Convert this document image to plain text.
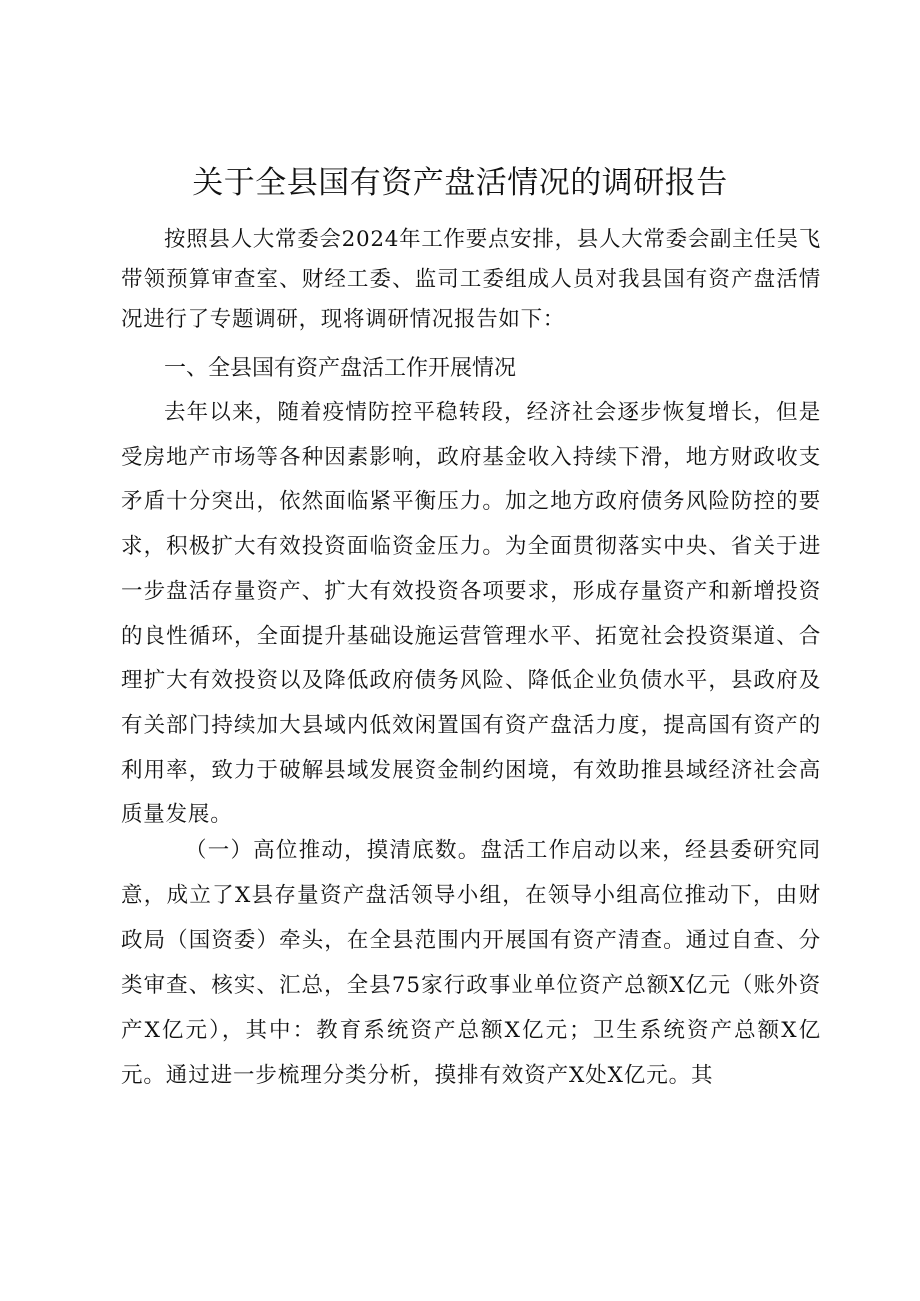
关于全县国有资产盘活情况的调研报告

按照县人大常委会2024年工作要点安排，县人大常委会副主任吴飞带领预算审查室、财经工委、监司工委组成人员对我县国有资产盘活情况进行了专题调研，现将调研情况报告如下：

一、全县国有资产盘活工作开展情况

去年以来，随着疫情防控平稳转段，经济社会逐步恢复增长，但是受房地产市场等各种因素影响，政府基金收入持续下滑，地方财政收支矛盾十分突出，依然面临紧平衡压力。加之地方政府债务风险防控的要求，积极扩大有效投资面临资金压力。为全面贯彻落实中央、省关于进一步盘活存量资产、扩大有效投资各项要求，形成存量资产和新增投资的良性循环，全面提升基础设施运营管理水平、拓宽社会投资渠道、合理扩大有效投资以及降低政府债务风险、降低企业负债水平，县政府及有关部门持续加大县域内低效闲置国有资产盘活力度，提高国有资产的利用率，致力于破解县域发展资金制约困境，有效助推县域经济社会高质量发展。

（一）高位推动，摸清底数。盘活工作启动以来，经县委研究同意，成立了X县存量资产盘活领导小组，在领导小组高位推动下，由财政局（国资委）牵头，在全县范围内开展国有资产清查。通过自查、分类审查、核实、汇总，全县75家行政事业单位资产总额X亿元（账外资产X亿元），其中：教育系统资产总额X亿元；卫生系统资产总额X亿元。通过进一步梳理分类分析，摸排有效资产X处X亿元。其
